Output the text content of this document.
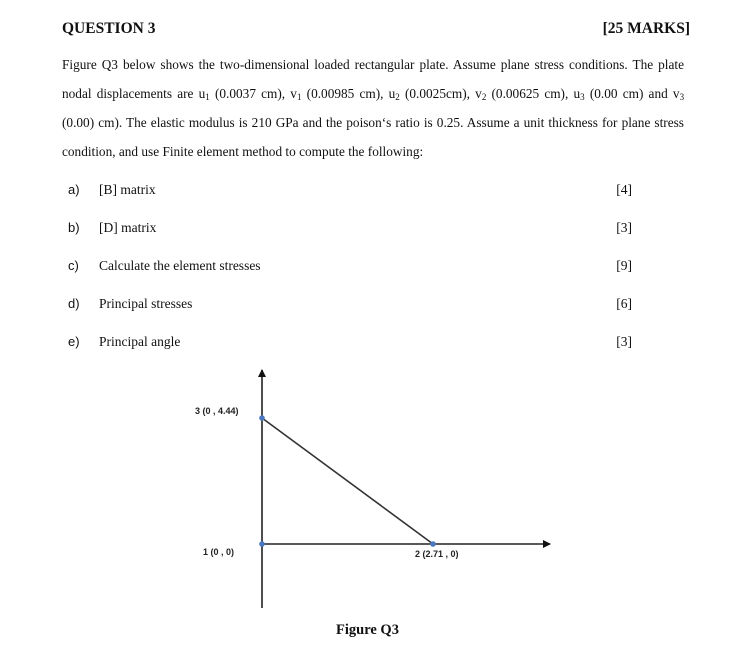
QUESTION 3	[25 MARKS]
Figure Q3 below shows the two-dimensional loaded rectangular plate. Assume plane stress conditions. The plate nodal displacements are $u_1$ (0.0037 cm), $v_1$ (0.00985 cm), $u_2$ (0.0025cm), $v_2$ (0.00625 cm), $u_3$ (0.00 cm) and $v_3$ (0.00) cm). The elastic modulus is 210 GPa and the poison‘s ratio is 0.25. Assume a unit thickness for plane stress condition, and use Finite element method to compute the following:
a) [B] matrix	[4]
b) [D] matrix	[3]
c) Calculate the element stresses	[9]
d) Principal stresses	[6]
e) Principal angle	[3]
3 (0 , 4.44)
1 (0 , 0)	2 (2.71 , 0)
Figure Q3
